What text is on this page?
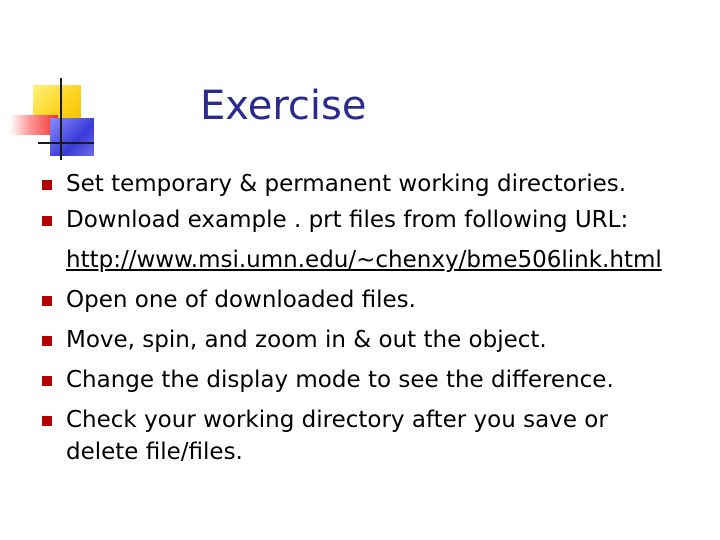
Exercise
Set temporary & permanent working directories.
Download example . prt files from following URL:
http://www.msi.umn.edu/~chenxy/bme506link.html
Open one of downloaded files.
Move, spin, and zoom in & out the object.
Change the display mode to see the difference.
Check your working directory after you save or
delete file/files.
